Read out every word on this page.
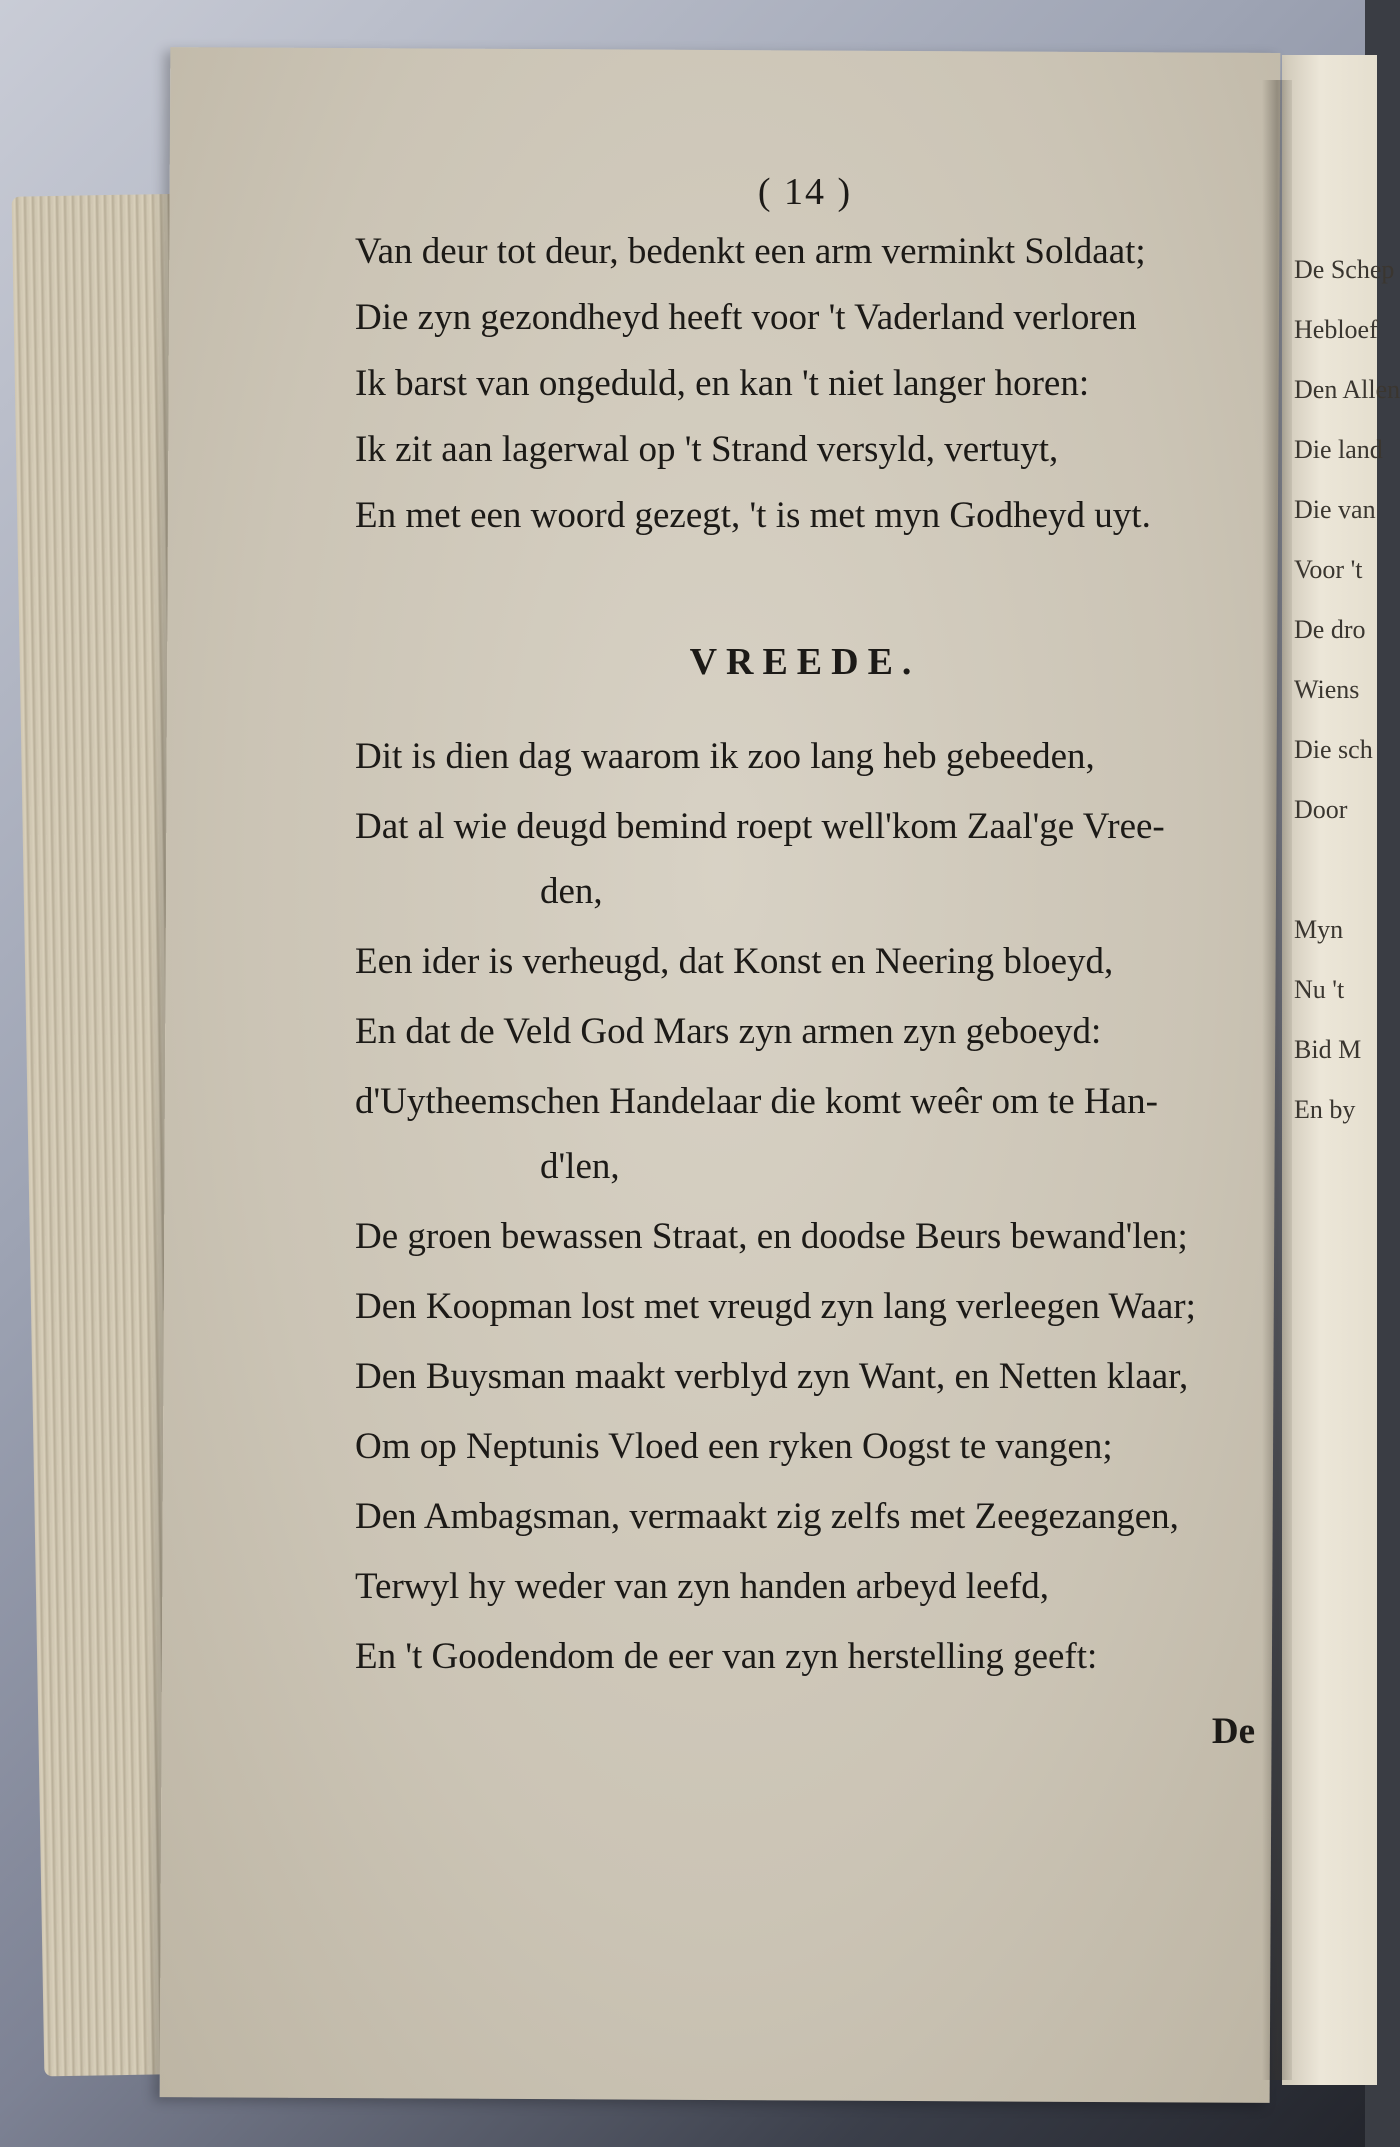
De Schep
Hebloef
Den Allen
Die land
Die van
Voor 't
De dro
Wiens
Die sch
Door

Myn
Nu 't
Bid M
En by
( 14 )
Van deur tot deur, bedenkt een arm verminkt Soldaat;
Die zyn gezondheyd heeft voor 't Vaderland verloren
Ik barst van ongeduld, en kan 't niet langer horen:
Ik zit aan lagerwal op 't Strand versyld, vertuyt,
En met een woord gezegt, 't is met myn Godheyd uyt.
VREEDE.
Dit is dien dag waarom ik zoo lang heb gebeeden,
Dat al wie deugd bemind roept well'kom Zaal'ge Vree-
den,
Een ider is verheugd, dat Konst en Neering bloeyd,
En dat de Veld God Mars zyn armen zyn geboeyd:
d'Uytheemschen Handelaar die komt weêr om te Han-
d'len,
De groen bewassen Straat, en doodse Beurs bewand'len;
Den Koopman lost met vreugd zyn lang verleegen Waar;
Den Buysman maakt verblyd zyn Want, en Netten klaar,
Om op Neptunis Vloed een ryken Oogst te vangen;
Den Ambagsman, vermaakt zig zelfs met Zeegezangen,
Terwyl hy weder van zyn handen arbeyd leefd,
En 't Goodendom de eer van zyn herstelling geeft:
De
